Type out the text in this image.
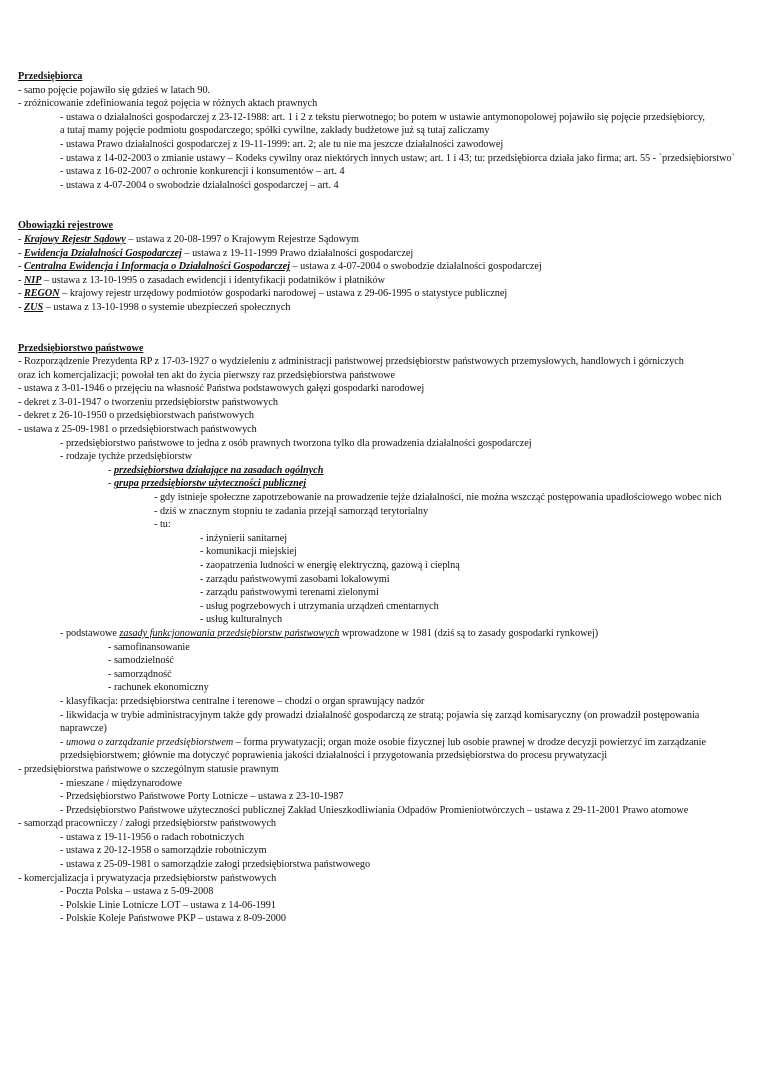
Przedsiębiorca
- samo pojęcie pojawiło się gdzieś w latach 90.
- zróżnicowanie zdefiniowania tegoż pojęcia w różnych aktach prawnych
- ustawa o działalności gospodarczej z 23-12-1988: art. 1 i 2 z tekstu pierwotnego; bo potem w ustawie antymonopolowej pojawiło się pojęcie przedsiębiorcy,
a tutaj mamy pojęcie podmiotu gospodarczego; spółki cywilne, zakłady budżetowe już są tutaj zaliczamy
- ustawa Prawo działalności gospodarczej z 19-11-1999: art. 2; ale tu nie ma jeszcze działalności zawodowej
- ustawa z 14-02-2003 o zmianie ustawy – Kodeks cywilny oraz niektórych innych ustaw; art. 1 i 43; tu: przedsiębiorca działa jako firma; art. 55 - `przedsiębiorstwo`
- ustawa z 16-02-2007 o ochronie konkurencji i konsumentów – art. 4
- ustawa z 4-07-2004 o swobodzie działalności gospodarczej – art. 4
Obowiązki rejestrowe
- Krajowy Rejestr Sądowy – ustawa z 20-08-1997 o Krajowym Rejestrze Sądowym
- Ewidencja Działalności Gospodarczej – ustawa z 19-11-1999 Prawo działalności gospodarczej
- Centralna Ewidencja i Informacja o Działalności Gospodarczej – ustawa z 4-07-2004 o swobodzie działalności gospodarczej
- NIP – ustawa z 13-10-1995 o zasadach ewidencji i identyfikacji podatników i płatników
- REGON – krajowy rejestr urzędowy podmiotów gospodarki narodowej – ustawa z 29-06-1995 o statystyce publicznej
- ZUS – ustawa z 13-10-1998 o systemie ubezpieczeń społecznych
Przedsiębiorstwo państwowe
- Rozporządzenie Prezydenta RP z 17-03-1927 o wydzieleniu z administracji państwowej przedsiębiorstw państwowych przemysłowych, handlowych i górniczych
oraz ich komercjalizacji; powołał ten akt do życia pierwszy raz przedsiębiorstwa państwowe
- ustawa z 3-01-1946 o przejęciu na własność Państwa podstawowych gałęzi gospodarki narodowej
- dekret z 3-01-1947 o tworzeniu przedsiębiorstw państwowych
- dekret z 26-10-1950 o przedsiębiorstwach państwowych
- ustawa z 25-09-1981 o przedsiębiorstwach państwowych
- przedsiębiorstwo państwowe to jedna z osób prawnych tworzona tylko dla prowadzenia działalności gospodarczej
- rodzaje tychże przedsiębiorstw
- przedsiębiorstwa działające na zasadach ogólnych
- grupa przedsiębiorstw użyteczności publicznej
- gdy istnieje społeczne zapotrzebowanie na prowadzenie tejże działalności, nie można wszcząć postępowania upadłościowego wobec nich
- dziś w znacznym stopniu te zadania przejął samorząd terytorialny
- tu:
- inżynierii sanitarnej
- komunikacji miejskiej
- zaopatrzenia ludności w energię elektryczną, gazową i cieplną
- zarządu państwowymi zasobami lokalowymi
- zarządu państwowymi terenami zielonymi
- usług pogrzebowych i utrzymania urządzeń cmentarnych
- usług kulturalnych
- podstawowe zasady funkcjonowania przedsiębiorstw państwowych wprowadzone w 1981 (dziś są to zasady gospodarki rynkowej)
- samofinansowanie
- samodzielność
- samorządność
- rachunek ekonomiczny
- klasyfikacja: przedsiębiorstwa centralne i terenowe – chodzi o organ sprawujący nadzór
- likwidacja w trybie administracyjnym także gdy prowadzi działalność gospodarczą ze stratą; pojawia się zarząd komisaryczny (on prowadził postępowania
naprawcze)
- umowa o zarządzanie przedsiębiorstwem – forma prywatyzacji; organ może osobie fizycznej lub osobie prawnej w drodze decyzji powierzyć im zarządzanie
przedsiębiorstwem; głównie ma dotyczyć poprawienia jakości działalności i przygotowania przedsiębiorstwa do procesu prywatyzacji
- przedsiębiorstwa państwowe o szczególnym statusie prawnym
- mieszane / międzynarodowe
- Przedsiębiorstwo Państwowe Porty Lotnicze – ustawa z 23-10-1987
- Przedsiębiorstwo Państwowe użyteczności publicznej Zakład Unieszkodliwiania Odpadów Promieniotwórczych – ustawa z 29-11-2001 Prawo atomowe
- samorząd pracowniczy / załogi przedsiębiorstw państwowych
- ustawa z 19-11-1956 o radach robotniczych
- ustawa z 20-12-1958 o samorządzie robotniczym
- ustawa z 25-09-1981 o samorządzie załogi przedsiębiorstwa państwowego
- komercjalizacja i prywatyzacja przedsiębiorstw państwowych
- Poczta Polska – ustawa z 5-09-2008
- Polskie Linie Lotnicze LOT – ustawa z 14-06-1991
- Polskie Koleje Państwowe PKP – ustawa z 8-09-2000
